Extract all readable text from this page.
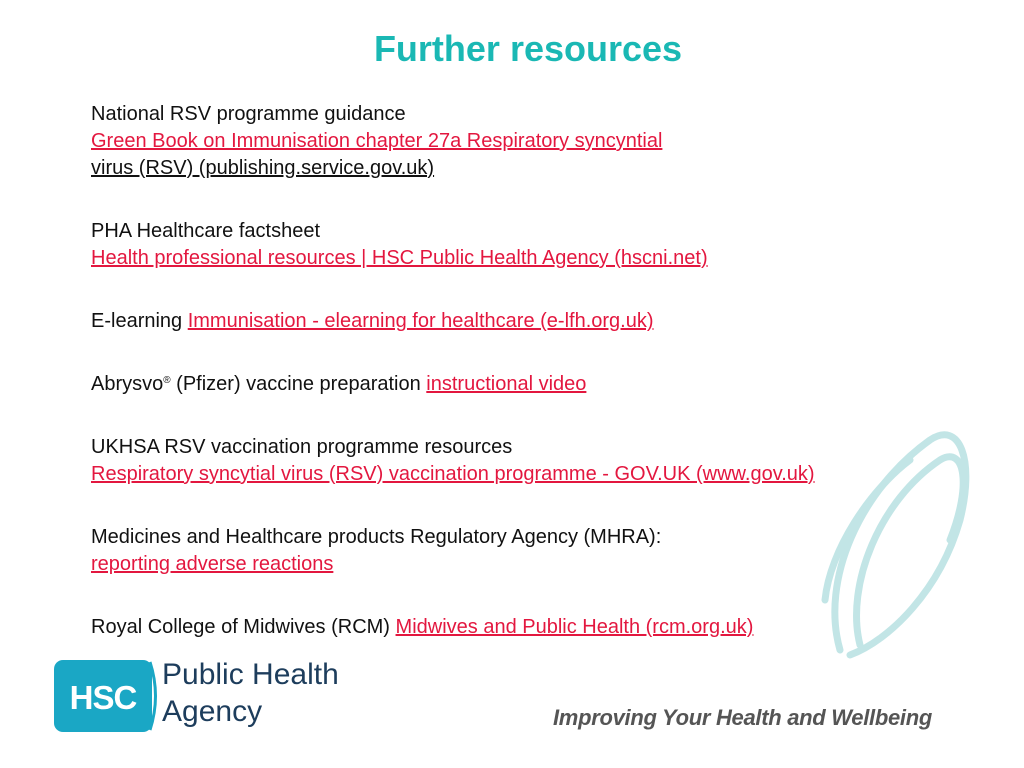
Further resources

National RSV programme guidance

Green Book on Immunisation chapter 27a Respiratory syncyntial

virus (RSV) (publishing.service.gov.uk)

PHA Healthcare factsheet

Health professional resources | HSC Public Health Agency (hscni.net)

E-learning Immunisation - elearning for healthcare (e-lfh.org.uk)

Abrysvo® (Pfizer) vaccine preparation instructional video

UKHSA RSV vaccination programme resources

Respiratory syncytial virus (RSV) vaccination programme - GOV.UK (www.gov.uk)

Medicines and Healthcare products Regulatory Agency (MHRA):

reporting adverse reactions

Royal College of Midwives (RCM) Midwives and Public Health (rcm.org.uk)

HSC
Public Health
Agency	Improving Your Health and Wellbeing
